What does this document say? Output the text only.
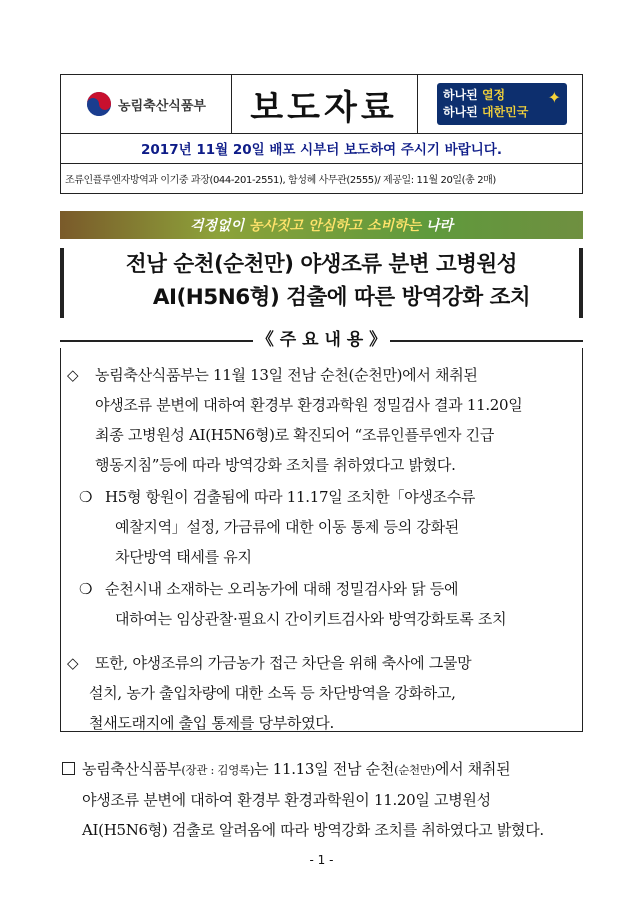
농림축산식품부	보도자료	하나된 열정
하나된 대한민국
✦
2017년 11월 20일 배포 시부터 보도하여 주시기 바랍니다.
조류인플루엔자방역과 이기중 과장(044-201-2551), 함성혜 사무관(2555)/ 제공일: 11월 20일(총 2매)
걱정없이
농사짓고
안심하고
소비하는
나라
전남 순천(순천만) 야생조류 분변 고병원성
AI(H5N6형) 검출에 따른 방역강화 조치
《 주 요 내 용 》
◇ 농림축산식품부는 11월 13일 전남 순천(순천만)에서 채취된
야생조류 분변에 대하여 환경부 환경과학원 정밀검사 결과 11.20일
최종 고병원성 AI(H5N6형)로 확진되어 “조류인플루엔자 긴급
행동지침”등에 따라 방역강화 조치를 취하였다고 밝혔다.
❍ H5형 항원이 검출됨에 따라 11.17일 조치한「야생조수류
예찰지역」설정, 가금류에 대한 이동 통제 등의 강화된
차단방역 태세를 유지
❍ 순천시내 소재하는 오리농가에 대해 정밀검사와 닭 등에
대하여는 임상관찰·필요시 간이키트검사와 방역강화토록 조치
◇ 또한, 야생조류의 가금농가 접근 차단을 위해 축사에 그물망
설치, 농가 출입차량에 대한 소독 등 차단방역을 강화하고,
철새도래지에 출입 통제를 당부하였다.
농림축산식품부(장관 : 김영록)는 11.13일 전남 순천(순천만)에서 채취된
야생조류 분변에 대하여 환경부 환경과학원이 11.20일 고병원성
AI(H5N6형) 검출로 알려옴에 따라 방역강화 조치를 취하였다고 밝혔다.
- 1 -
